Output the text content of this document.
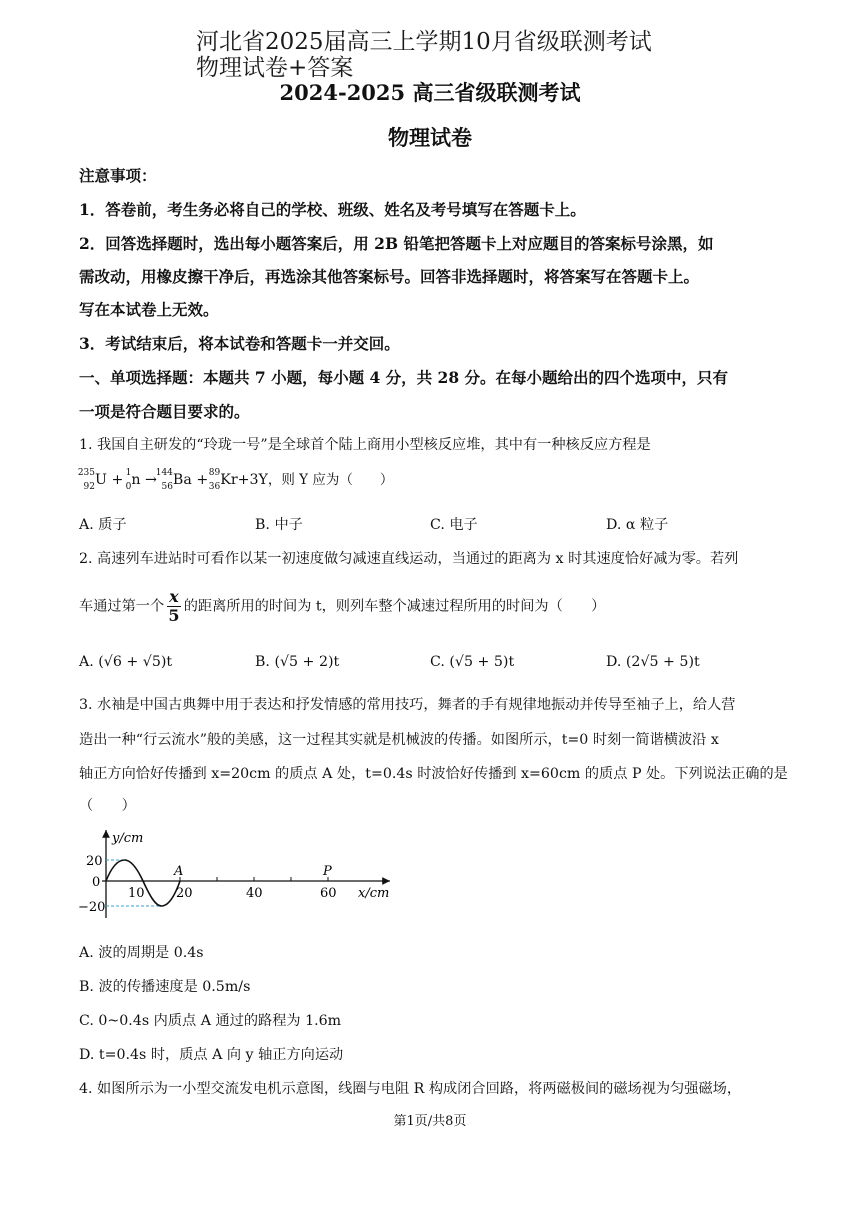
河北省2025届高三上学期10月省级联测考试
物理试卷+答案
2024-2025 高三省级联测考试
物理试卷
注意事项：
1．答卷前，考生务必将自己的学校、班级、姓名及考号填写在答题卡上。
2．回答选择题时，选出每小题答案后，用 2B 铅笔把答题卡上对应题目的答案标号涂黑，如
需改动，用橡皮擦干净后，再选涂其他答案标号。回答非选择题时，将答案写在答题卡上。
写在本试卷上无效。
3．考试结束后，将本试卷和答题卡一并交回。
一、单项选择题：本题共 7 小题，每小题 4 分，共 28 分。在每小题给出的四个选项中，只有
一项是符合题目要求的。
1. 我国自主研发的“玲珑一号”是全球首个陆上商用小型核反应堆，其中有一种核反应方程是
235
92 U + 1
0 n →
144
56 Ba + 89
36 Kr+3Y，则 Y 应为（　　）
A. 质子	B. 中子	C. 电子	D. α 粒子
2. 高速列车进站时可看作以某一初速度做匀减速直线运动，当通过的距离为 x 时其速度恰好减为零。若列
车通过第一个 $\frac{x}{5}$ 的距离所用的时间为 t，则列车整个减速过程所用的时间为（　　）
A. (√6 + √5)t	B. (√5 + 2)t	C. (√5 + 5)t	D. (2√5 + 5)t
3. 水袖是中国古典舞中用于表达和抒发情感的常用技巧，舞者的手有规律地振动并传导至袖子上，给人营
造出一种“行云流水”般的美感，这一过程其实就是机械波的传播。如图所示，t=0 时刻一简谐横波沿 x
轴正方向恰好传播到 x=20cm 的质点 A 处，t=0.4s 时波恰好传播到 x=60cm 的质点 P 处。下列说法正确的是
（　　）
y/cm
x/cm
20
0
−20
10 20	40	60
A	P
A. 波的周期是 0.4s
B. 波的传播速度是 0.5m/s
C. 0~0.4s 内质点 A 通过的路程为 1.6m
D. t=0.4s 时，质点 A 向 y 轴正方向运动
4. 如图所示为一小型交流发电机示意图，线圈与电阻 R 构成闭合回路，将两磁极间的磁场视为匀强磁场，
第1页/共8页
